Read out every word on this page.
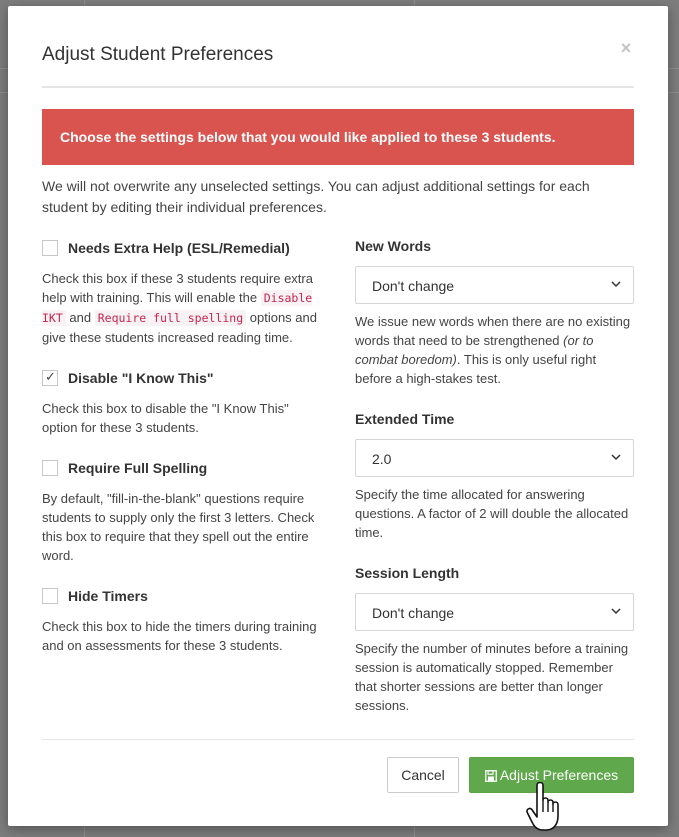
Adjust Student Preferences	×
Choose the settings below that you would like applied to these 3 students.

We will not overwrite any unselected settings. You can adjust additional settings for each student by editing their individual preferences.

Needs Extra Help (ESL/Remedial)

Check this box if these 3 students require extra help with training. This will enable the Disable IKT and Require full spelling options and give these students increased reading time.

✓ Disable "I Know This"

Check this box to disable the "I Know This" option for these 3 students.

Require Full Spelling

By default, "fill-in-the-blank" questions require students to supply only the first 3 letters. Check this box to require that they spell out the entire word.

Hide Timers

Check this box to hide the timers during training and on assessments for these 3 students.

New Words
Don't change

We issue new words when there are no existing words that need to be strengthened (or to combat boredom). This is only useful right before a high-stakes test.

Extended Time
2.0

Specify the time allocated for answering questions. A factor of 2 will double the allocated time.

Session Length
Don't change

Specify the number of minutes before a training session is automatically stopped. Remember that shorter sessions are better than longer sessions.

Cancel	Adjust Preferences
